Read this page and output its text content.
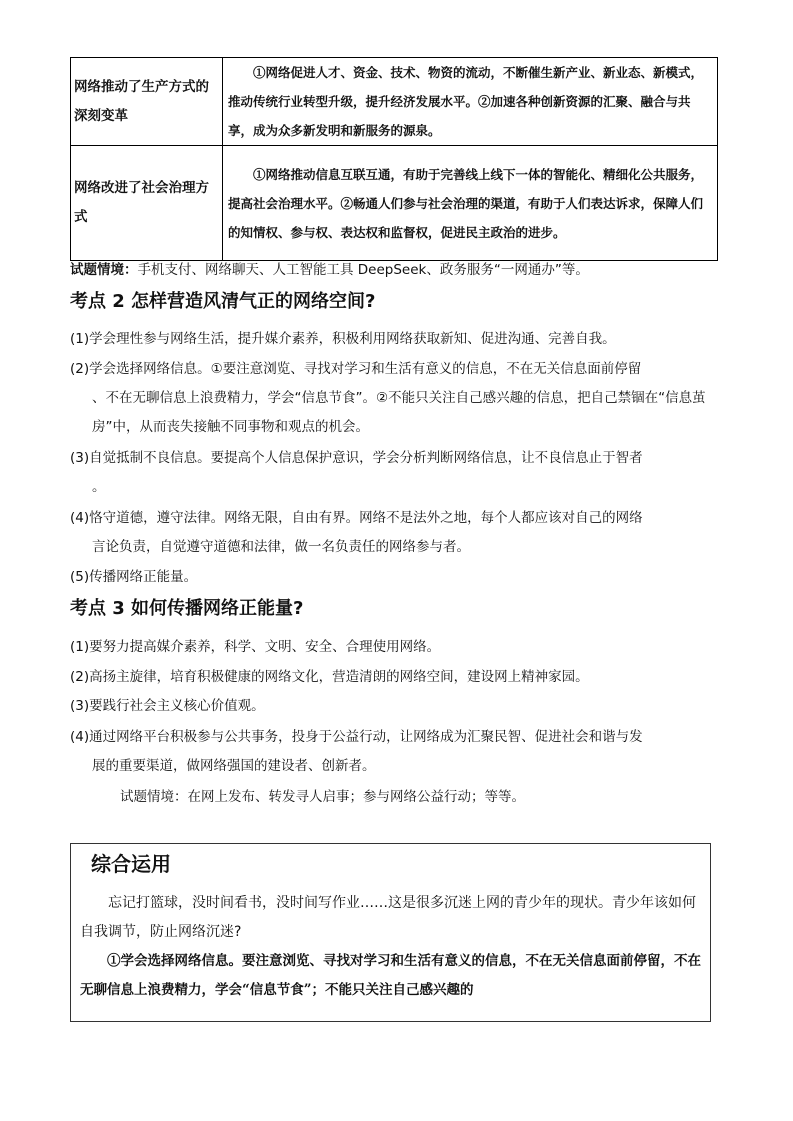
网络推动了生产方式的深刻变革	①网络促进人才、资金、技术、物资的流动，不断催生新产业、新业态、新模式，推动传统行业转型升级，提升经济发展水平。②加速各种创新资源的汇聚、融合与共享，成为众多新发明和新服务的源泉。
网络改进了社会治理方式	①网络推动信息互联互通，有助于完善线上线下一体的智能化、精细化公共服务，提高社会治理水平。②畅通人们参与社会治理的渠道，有助于人们表达诉求，保障人们的知情权、参与权、表达权和监督权，促进民主政治的进步。
试题情境：手机支付、网络聊天、人工智能工具 DeepSeek、政务服务“一网通办”等。
考点 2 怎样营造风清气正的网络空间?
(1)学会理性参与网络生活，提升媒介素养，积极利用网络获取新知、促进沟通、完善自我。
(2)学会选择网络信息。①要注意浏览、寻找对学习和生活有意义的信息，不在无关信息面前停留
、不在无聊信息上浪费精力，学会“信息节食”。②不能只关注自己感兴趣的信息，把自己禁锢在“信息茧房”中，从而丧失接触不同事物和观点的机会。
(3)自觉抵制不良信息。要提高个人信息保护意识，学会分析判断网络信息，让不良信息止于智者
。
(4)恪守道德，遵守法律。网络无限，自由有界。网络不是法外之地，每个人都应该对自己的网络
言论负责，自觉遵守道德和法律，做一名负责任的网络参与者。
(5)传播网络正能量。
考点 3 如何传播网络正能量?
(1)要努力提高媒介素养，科学、文明、安全、合理使用网络。
(2)高扬主旋律，培育积极健康的网络文化，营造清朗的网络空间，建设网上精神家园。
(3)要践行社会主义核心价值观。
(4)通过网络平台积极参与公共事务，投身于公益行动，让网络成为汇聚民智、促进社会和谐与发
展的重要渠道，做网络强国的建设者、创新者。
试题情境：在网上发布、转发寻人启事；参与网络公益行动；等等。
综合运用
忘记打篮球，没时间看书，没时间写作业……这是很多沉迷上网的青少年的现状。青少年该如何自我调节，防止网络沉迷?
①学会选择网络信息。要注意浏览、寻找对学习和生活有意义的信息，不在无关信息面前停留，不在无聊信息上浪费精力，学会“信息节食”；不能只关注自己感兴趣的
